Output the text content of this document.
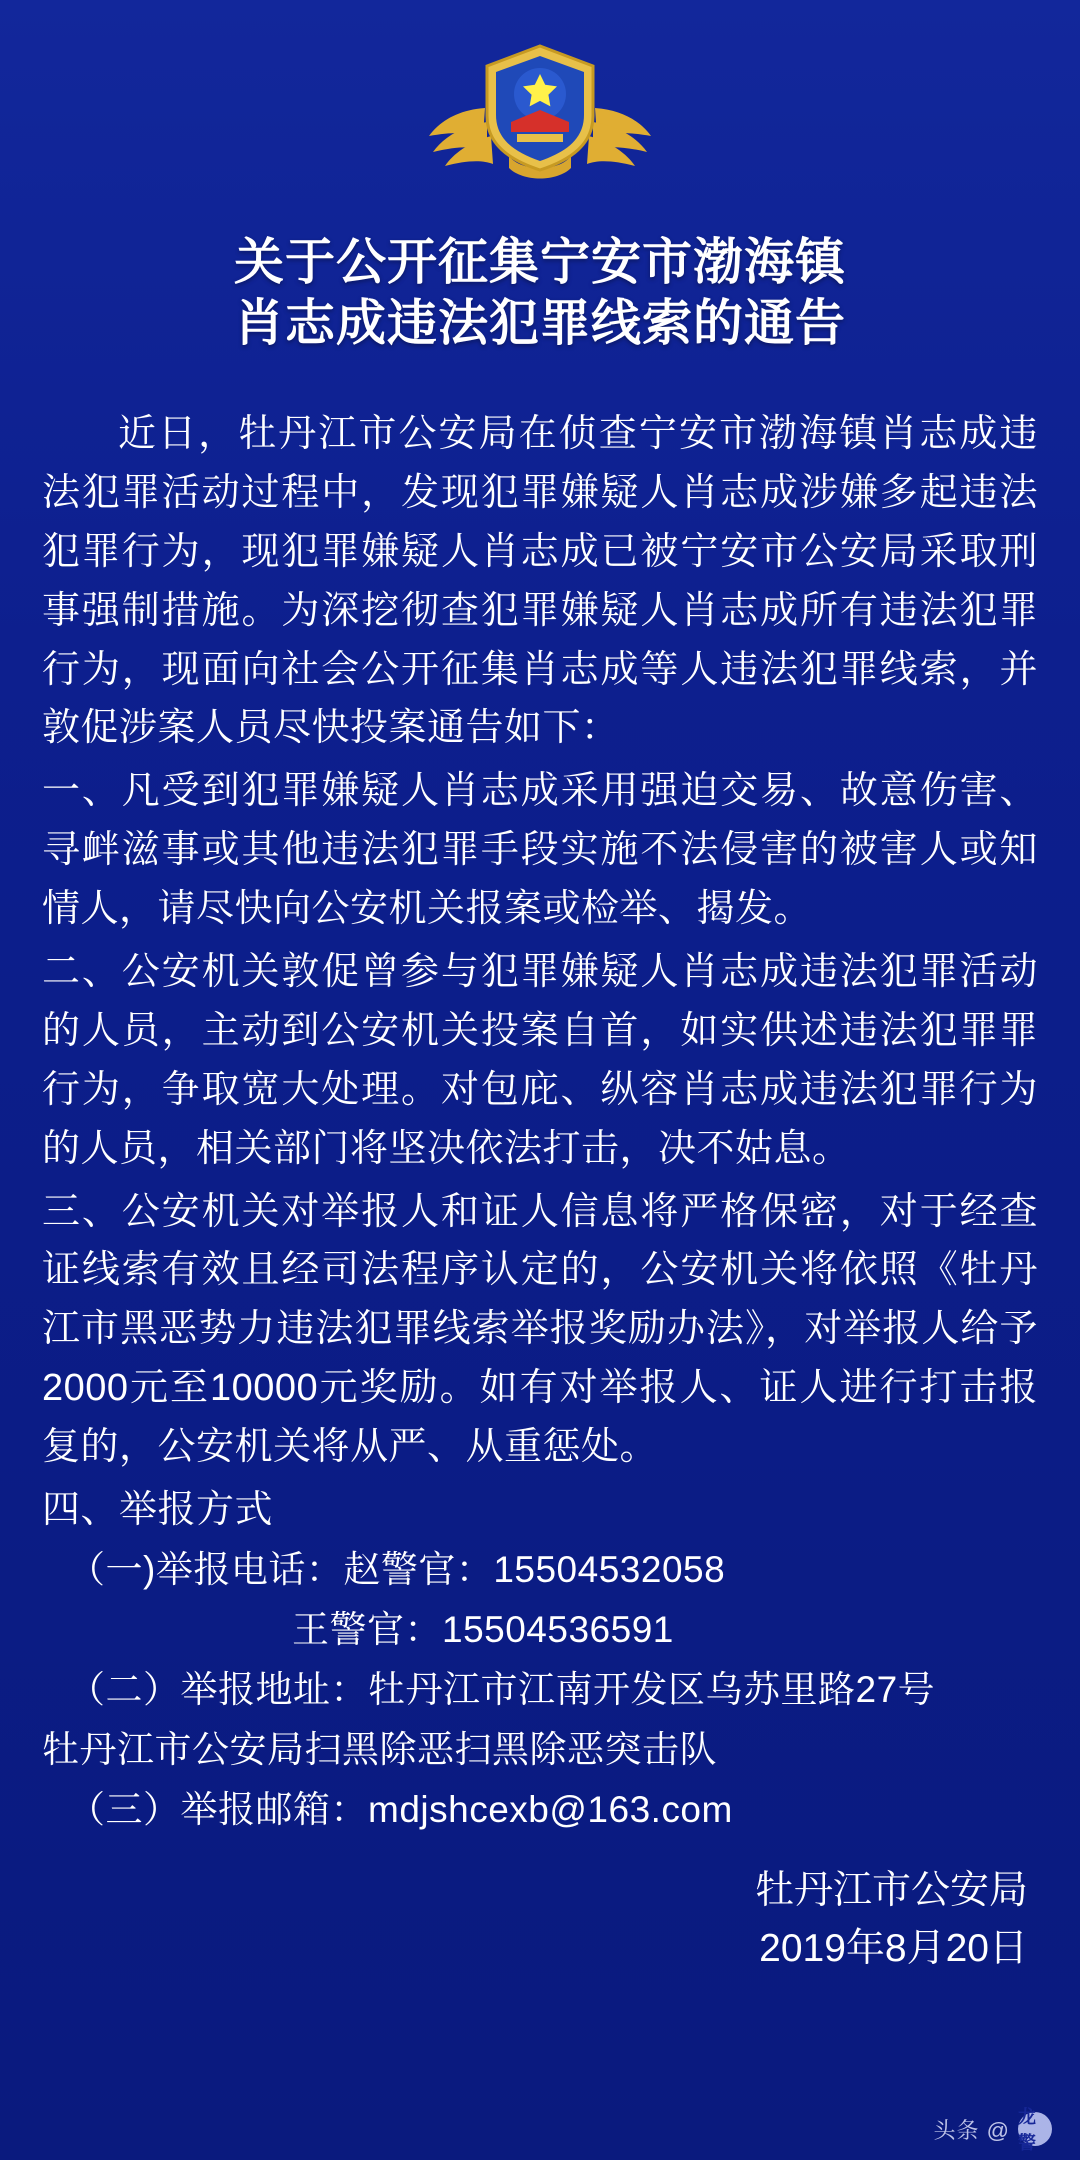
关于公开征集宁安市渤海镇
肖志成违法犯罪线索的通告

近日，牡丹江市公安局在侦查宁安市渤海镇肖志成违法犯罪活动过程中，发现犯罪嫌疑人肖志成涉嫌多起违法犯罪行为，现犯罪嫌疑人肖志成已被宁安市公安局采取刑事强制措施。为深挖彻查犯罪嫌疑人肖志成所有违法犯罪行为，现面向社会公开征集肖志成等人违法犯罪线索，并敦促涉案人员尽快投案通告如下：

一、凡受到犯罪嫌疑人肖志成采用强迫交易、故意伤害、寻衅滋事或其他违法犯罪手段实施不法侵害的被害人或知情人，请尽快向公安机关报案或检举、揭发。

二、公安机关敦促曾参与犯罪嫌疑人肖志成违法犯罪活动的人员，主动到公安机关投案自首，如实供述违法犯罪罪行为，争取宽大处理。对包庇、纵容肖志成违法犯罪行为的人员，相关部门将坚决依法打击，决不姑息。

三、公安机关对举报人和证人信息将严格保密，对于经查证线索有效且经司法程序认定的，公安机关将依照《牡丹江市黑恶势力违法犯罪线索举报奖励办法》，对举报人给予2000元至10000元奖励。如有对举报人、证人进行打击报复的，公安机关将从严、从重惩处。

四、举报方式

（一)举报电话：赵警官：15504532058

王警官：15504536591

（二）举报地址：牡丹江市江南开发区乌苏里路27号

牡丹江市公安局扫黑除恶扫黑除恶突击队

（三）举报邮箱：mdjshcexb@163.com

牡丹江市公安局
2019年8月20日
头条 @
龙警
